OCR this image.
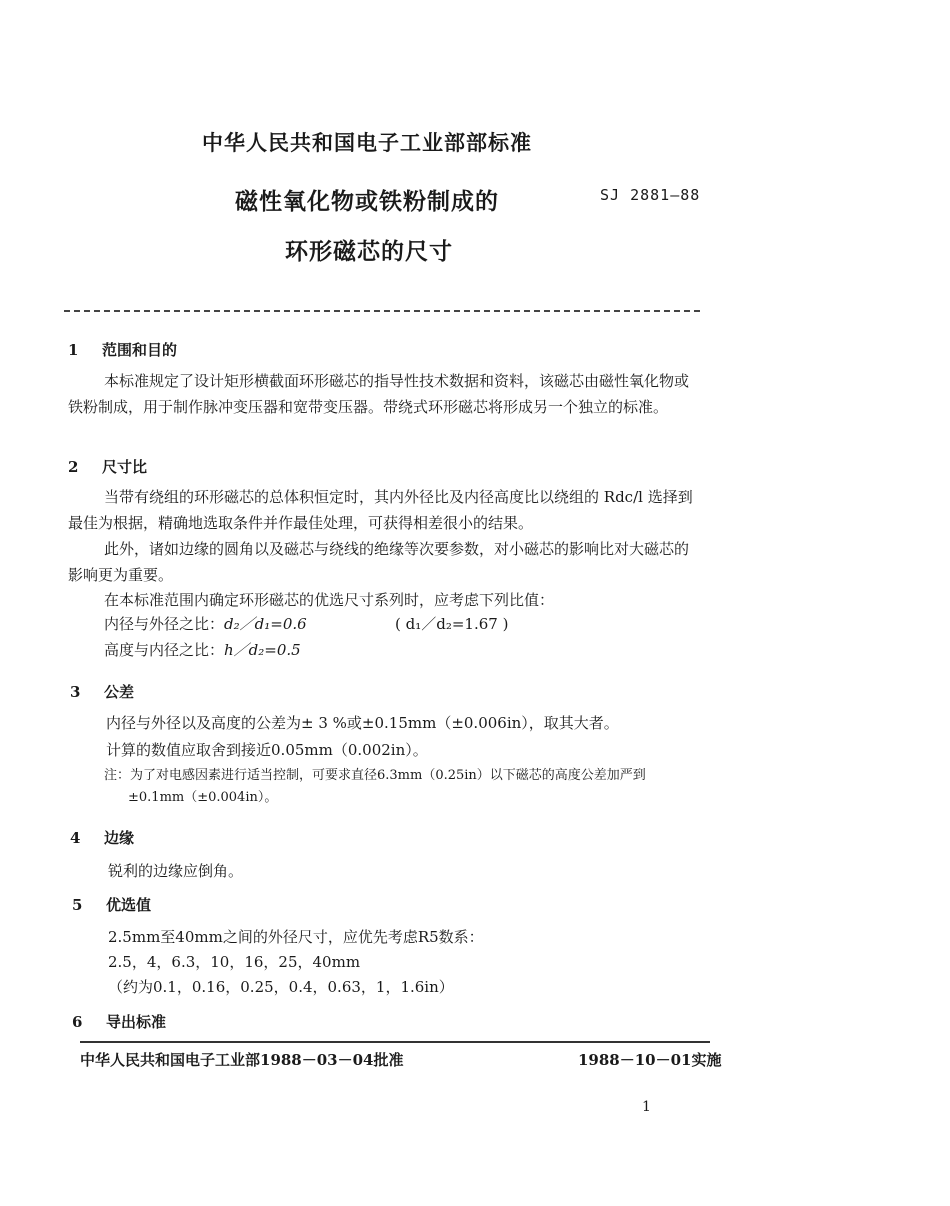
中华人民共和国电子工业部部标准
磁性氧化物或铁粉制成的	SJ 2881—88
环形磁芯的尺寸
1 范围和目的
本标准规定了设计矩形横截面环形磁芯的指导性技术数据和资料，该磁芯由磁性氧化物或铁粉制成，用于制作脉冲变压器和宽带变压器。带绕式环形磁芯将形成另一个独立的标准。
2 尺寸比
当带有绕组的环形磁芯的总体积恒定时，其内外径比及内径高度比以绕组的 Rdc/l 选择到最佳为根据，精确地选取条件并作最佳处理，可获得相差很小的结果。
此外，诸如边缘的圆角以及磁芯与绕线的绝缘等次要参数，对小磁芯的影响比对大磁芯的影响更为重要。
在本标准范围内确定环形磁芯的优选尺寸系列时，应考虑下列比值：
内径与外径之比：d₂／d₁=0.6	( d₁／d₂=1.67 )
高度与内径之比：h／d₂=0.5
3 公差
内径与外径以及高度的公差为± 3 %或±0.15mm（±0.006in），取其大者。
计算的数值应取舍到接近0.05mm（0.002in）。
注：为了对电感因素进行适当控制，可要求直径6.3mm（0.25in）以下磁芯的高度公差加严到
±0.1mm（±0.004in）。
4 边缘
锐利的边缘应倒角。
5 优选值
2.5mm至40mm之间的外径尺寸，应优先考虑R5数系：
2.5，4，6.3，10，16，25，40mm
（约为0.1，0.16，0.25，0.4，0.63，1，1.6in）
6 导出标准
中华人民共和国电子工业部1988－03－04批准	1988－10－01实施
1
